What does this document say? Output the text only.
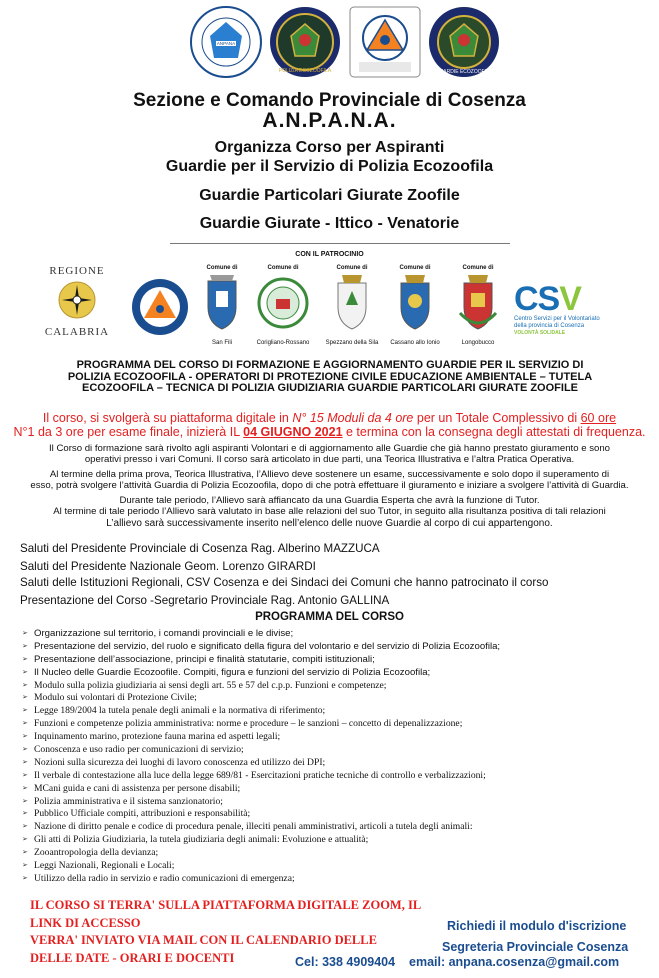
ANPANA
POLIZIA ECOZOOFILA	GUARDIE ECOZOOFILE
Sezione e Comando Provinciale di Cosenza
A.N.P.A.N.A.
Organizza Corso per Aspiranti
Guardie per il Servizio di Polizia Ecozoofila
Guardie Particolari Giurate Zoofile
Guardie Giurate - Ittico - Venatorie
CON IL PATROCINIO
REGIONE
CALABRIA
Comune di
San Fili
Comune di
Corigliano-Rossano
Comune di
Spezzano della Sila
Comune di
Cassano allo Ionio
Comune di
Longobucco
CSV
Centro Servizi per il Volontariato
della provincia di Cosenza
VOLONTÀ SOLIDALE
PROGRAMMA DEL CORSO DI FORMAZIONE E AGGIORNAMENTO GUARDIE PER IL SERVIZIO DI POLIZIA ECOZOOFILA - OPERATORI DI PROTEZIONE CIVILE EDUCAZIONE AMBIENTALE – TUTELA ECOZOOFILA – TECNICA DI POLIZIA GIUDIZIARIA GUARDIE PARTICOLARI GIURATE ZOOFILE
Il corso, si svolgerà su piattaforma digitale in N° 15 Moduli da 4 ore per un Totale Complessivo di 60 ore
N°1 da 3 ore per esame finale, inizierà IL 04 GIUGNO 2021 e termina con la consegna degli attestati di frequenza.
Il Corso di formazione sarà rivolto agli aspiranti Volontari e di aggiornamento alle Guardie che già hanno prestato giuramento e sono
operativi presso i vari Comuni. Il corso sarà articolato in due parti, una Teorica Illustrativa e l’altra Pratica Operativa.
Al termine della prima prova, Teorica Illustrativa, l’Allievo deve sostenere un esame, successivamente e solo dopo il superamento di
esso, potrà svolgere l’attività Guardia di Polizia Ecozoofila, dopo di che potrà effettuare il giuramento e iniziare a svolgere l’attività di Guardia.
Durante tale periodo, l’Allievo sarà affiancato da una Guardia Esperta che avrà la funzione di Tutor.
Al termine di tale periodo l’Allievo sarà valutato in base alle relazioni del suo Tutor, in seguito alla risultanza positiva di tali relazioni
L’allievo sarà successivamente inserito nell’elenco delle nuove Guardie al corpo di cui appartengono.
Saluti del Presidente Provinciale di Cosenza Rag. Alberino MAZZUCA
Saluti del Presidente Nazionale Geom. Lorenzo GIRARDI
Saluti delle Istituzioni Regionali, CSV Cosenza e dei Sindaci dei Comuni che hanno patrocinato il corso
Presentazione del Corso -Segretario Provinciale Rag. Antonio GALLINA
PROGRAMMA DEL CORSO
➢ Organizzazione sul territorio, i comandi provinciali e le divise;
➢ Presentazione del servizio, del ruolo e significato della figura del volontario e del servizio di Polizia Ecozoofila;
➢ Presentazione dell’associazione, principi e finalità statutarie, compiti istituzionali;
➢ Il Nucleo delle Guardie Ecozoofile. Compiti, figura e funzioni del servizio di Polizia Ecozoofila;
➢ Modulo sulla polizia giudiziaria ai sensi degli art. 55 e 57 del c.p.p. Funzioni e competenze;
➢ Modulo sui volontari di Protezione Civile;
➢ Legge 189/2004 la tutela penale degli animali e la normativa di riferimento;
➢ Funzioni e competenze polizia amministrativa: norme e procedure – le sanzioni – concetto di depenalizzazione;
➢ Inquinamento marino, protezione fauna marina ed aspetti legali;
➢ Conoscenza e uso radio per comunicazioni di servizio;
➢ Nozioni sulla sicurezza dei luoghi di lavoro conoscenza ed utilizzo dei DPI;
➢ Il verbale di contestazione alla luce della legge 689/81 - Esercitazioni pratiche tecniche di controllo e verbalizzazioni;
➢ MCani guida e cani di assistenza per persone disabili;
➢ Polizia amministrativa e il sistema sanzionatorio;
➢ Pubblico Ufficiale compiti, attribuzioni e responsabilità;
➢ Nazione di diritto penale e codice di procedura penale, illeciti penali amministrativi, articoli a tutela degli animali:
➢ Gli atti di Polizia Giudiziaria, la tutela giudiziaria degli animali: Evoluzione e attualità;
➢ Zooantropologia della devianza;
➢ Leggi Nazionali, Regionali e Locali;
➢ Utilizzo della radio in servizio e radio comunicazioni di emergenza;
IL CORSO SI TERRA' SULLA PIATTAFORMA DIGITALE ZOOM, IL LINK DI ACCESSO
VERRA' INVIATO VIA MAIL CON IL CALENDARIO DELLE
DELLE DATE - ORARI E DOCENTI
Richiedi il modulo d'iscrizione
Segreteria Provinciale Cosenza
Cel: 338 4909404 email: anpana.cosenza@gmail.com
